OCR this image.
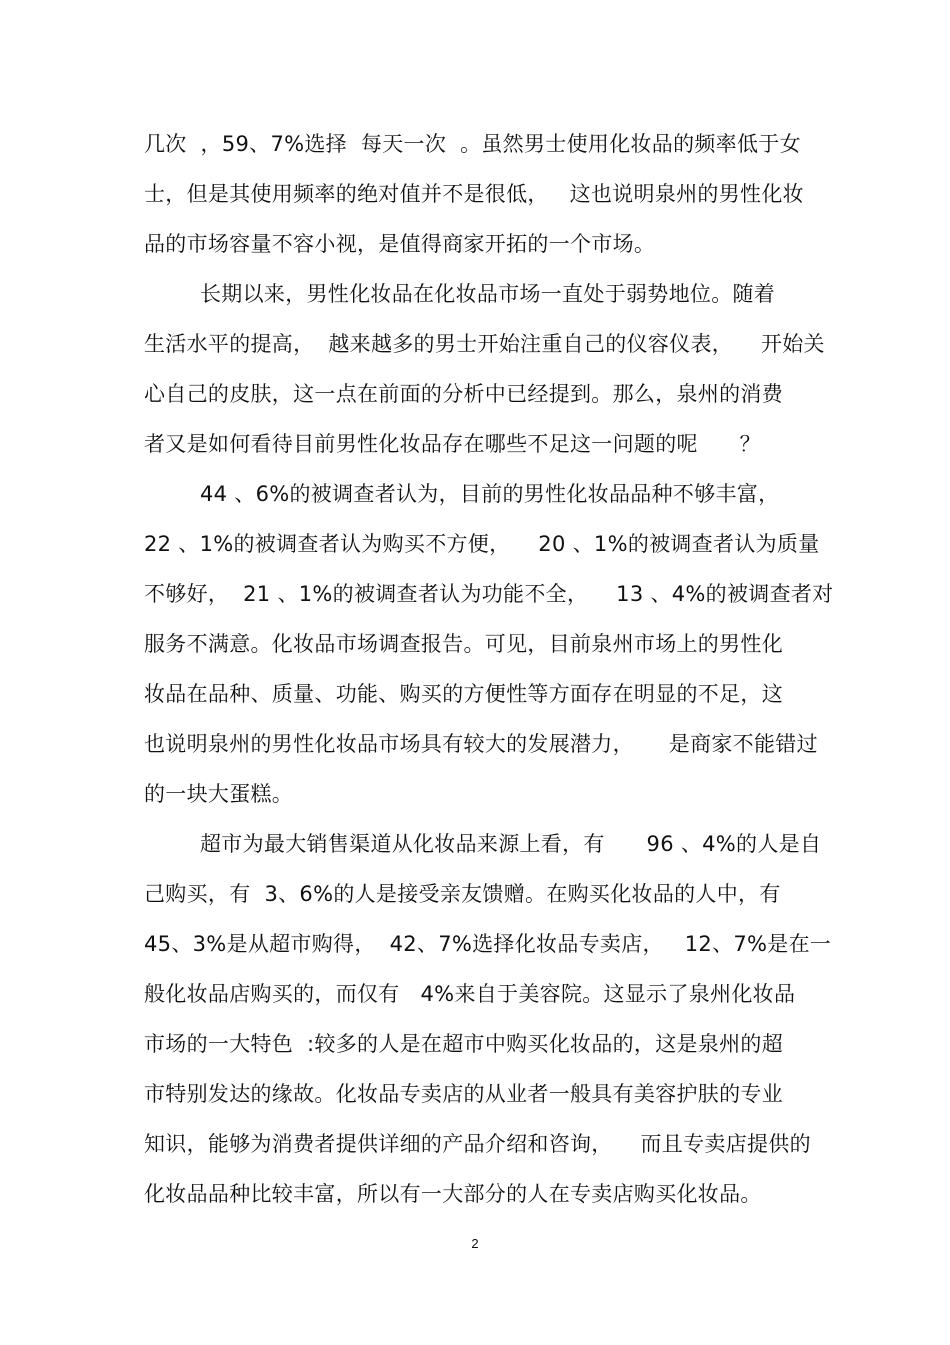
几次  ，59、7%选择  每天一次  。虽然男士使用化妆品的频率低于女
士，但是其使用频率的绝对值并不是很低，   这也说明泉州的男性化妆
品的市场容量不容小视，是值得商家开拓的一个市场。
长期以来，男性化妆品在化妆品市场一直处于弱势地位。随着
生活水平的提高，  越来越多的男士开始注重自己的仪容仪表，    开始关
心自己的皮肤，这一点在前面的分析中已经提到。那么，泉州的消费
者又是如何看待目前男性化妆品存在哪些不足这一问题的呢      ？
44 、6%的被调查者认为，目前的男性化妆品品种不够丰富，
22 、1%的被调查者认为购买不方便，    20 、1%的被调查者认为质量
不够好，  21 、1%的被调查者认为功能不全，    13 、4%的被调查者对
服务不满意。化妆品市场调查报告。可见，目前泉州市场上的男性化
妆品在品种、质量、功能、购买的方便性等方面存在明显的不足，这
也说明泉州的男性化妆品市场具有较大的发展潜力，     是商家不能错过
的一块大蛋糕。
超市为最大销售渠道从化妆品来源上看，有      96 、4%的人是自
己购买，有  3、6%的人是接受亲友馈赠。在购买化妆品的人中，有
45、3%是从超市购得，  42、7%选择化妆品专卖店，   12、7%是在一
般化妆品店购买的，而仅有   4%来自于美容院。这显示了泉州化妆品
市场的一大特色  :较多的人是在超市中购买化妆品的，这是泉州的超
市特别发达的缘故。化妆品专卖店的从业者一般具有美容护肤的专业
知识，能够为消费者提供详细的产品介绍和咨询，    而且专卖店提供的
化妆品品种比较丰富，所以有一大部分的人在专卖店购买化妆品。
2
